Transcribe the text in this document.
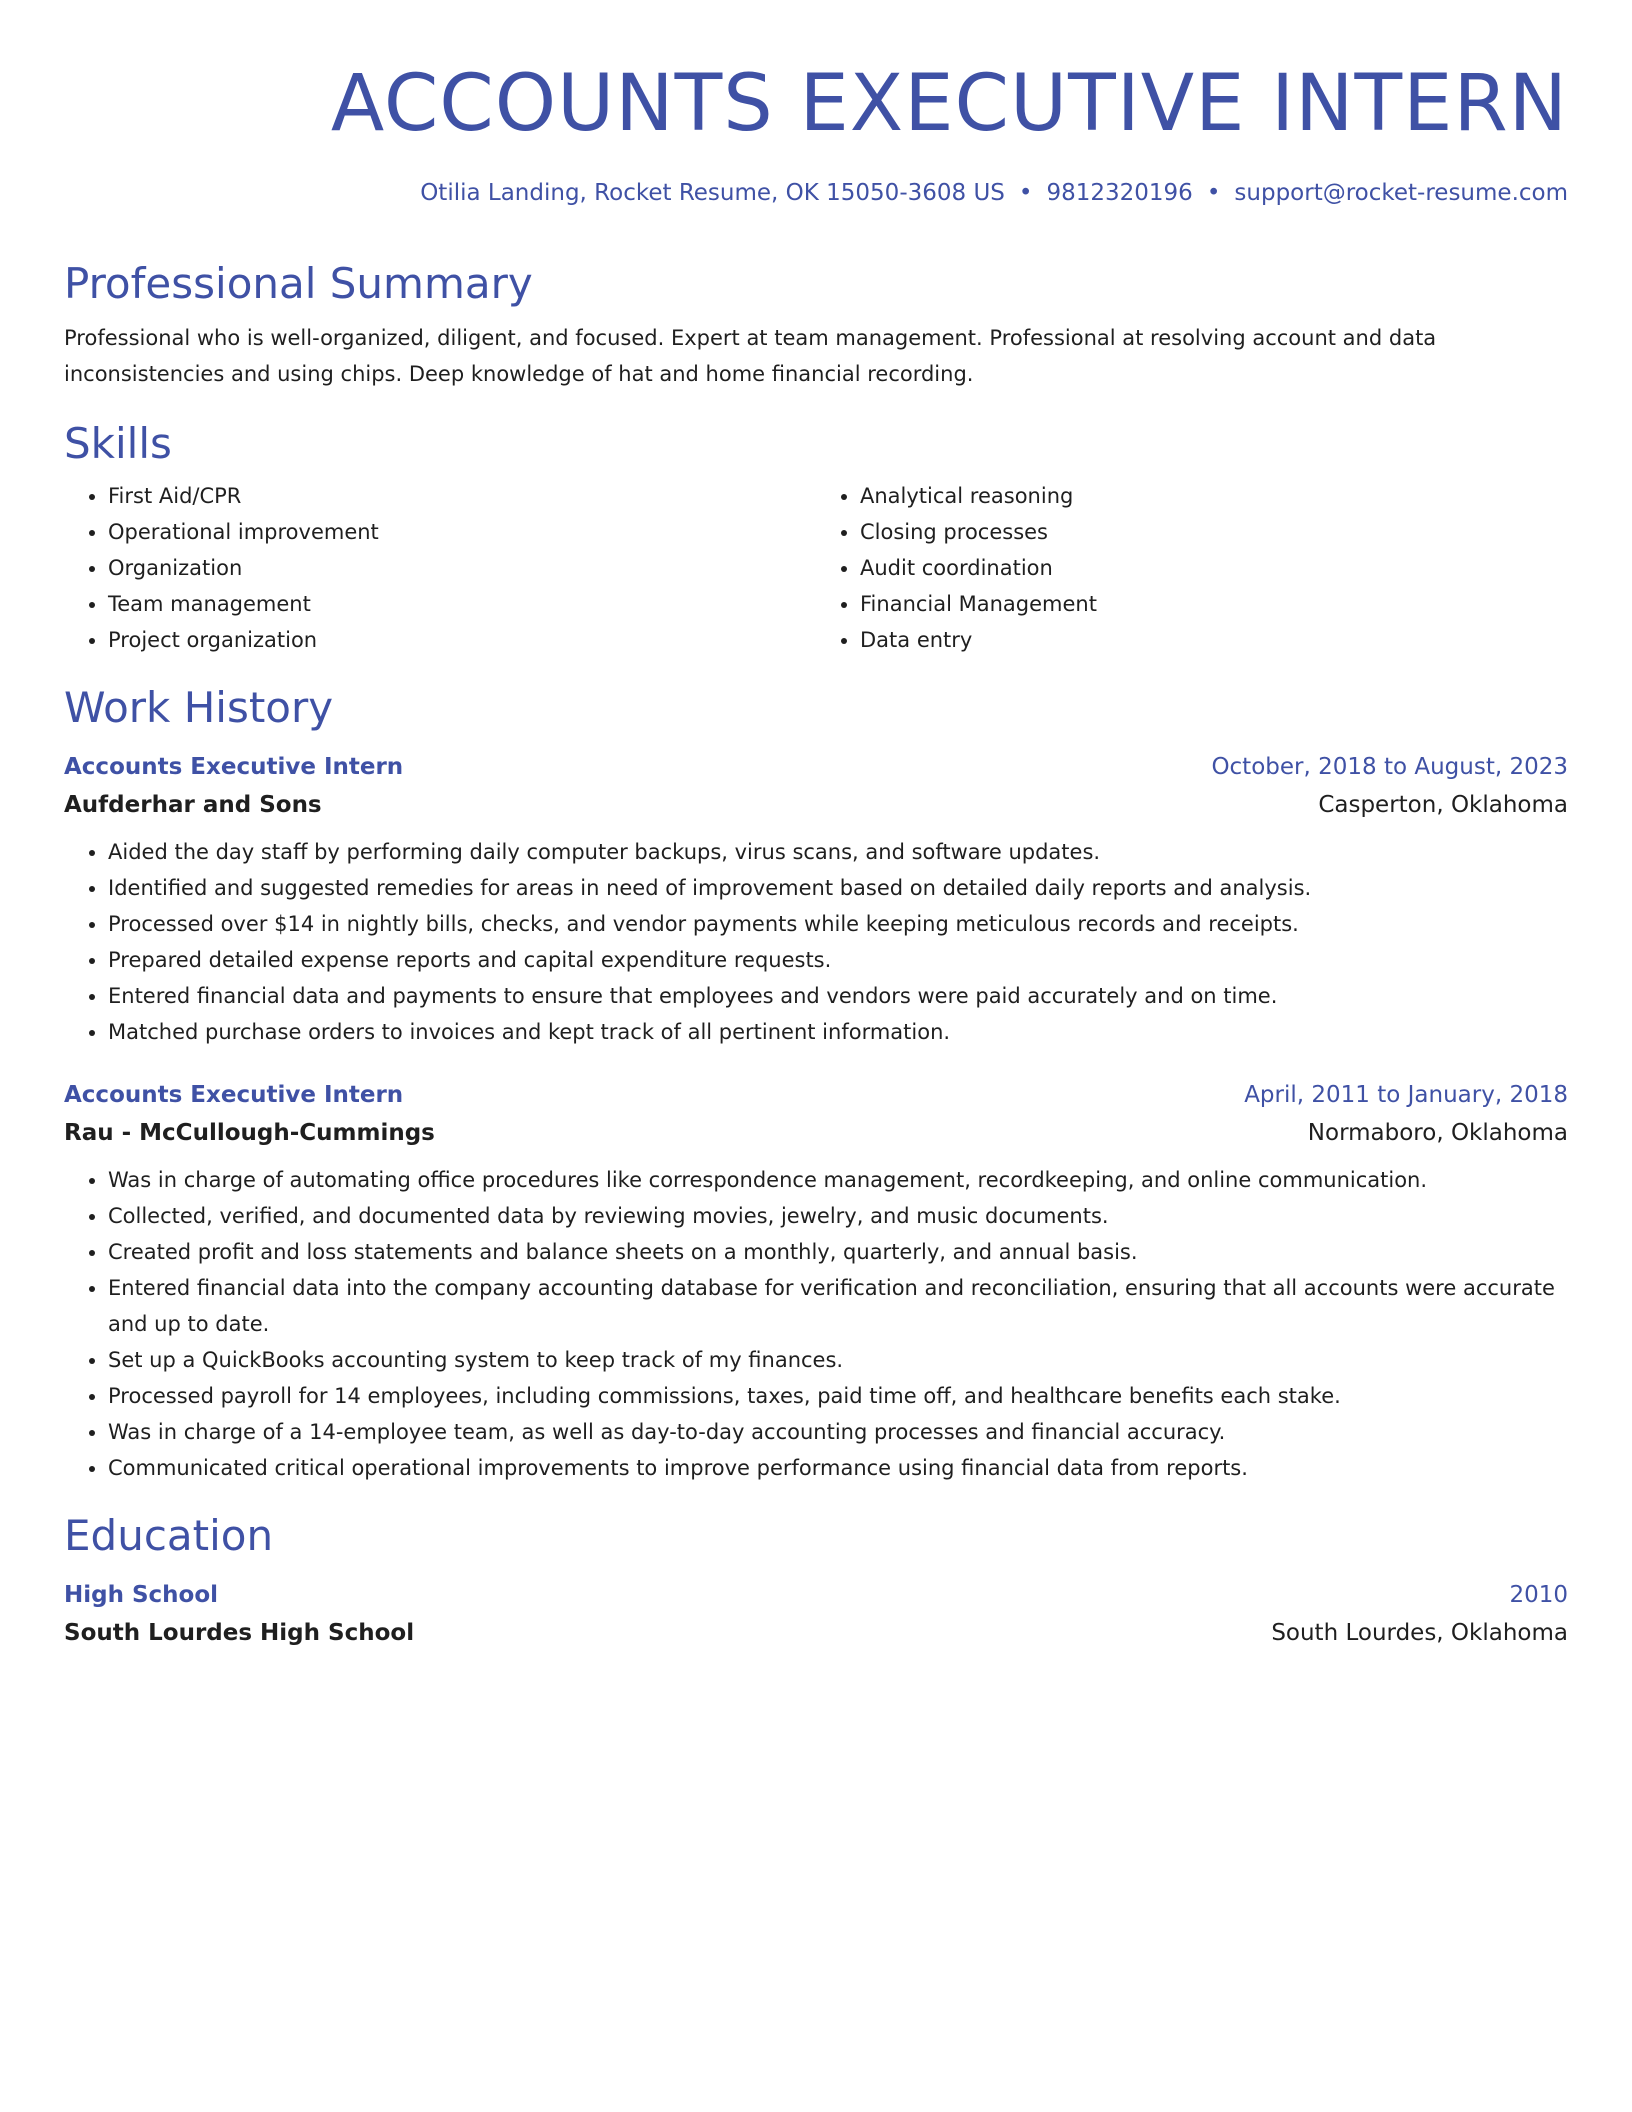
ACCOUNTS EXECUTIVE INTERN
Otilia Landing, Rocket Resume, OK 15050-3608 US • 9812320196 • support@rocket-resume.com
Professional Summary
Professional who is well-organized, diligent, and focused. Expert at team management. Professional at resolving account and data inconsistencies and using chips. Deep knowledge of hat and home financial recording.
Skills
• First Aid/CPR
• Operational improvement
• Organization
• Team management
• Project organization
• Analytical reasoning
• Closing processes
• Audit coordination
• Financial Management
• Data entry
Work History
Accounts Executive Intern	October, 2018 to August, 2023
Aufderhar and Sons	Casperton, Oklahoma
• Aided the day staff by performing daily computer backups, virus scans, and software updates.
• Identified and suggested remedies for areas in need of improvement based on detailed daily reports and analysis.
• Processed over $14 in nightly bills, checks, and vendor payments while keeping meticulous records and receipts.
• Prepared detailed expense reports and capital expenditure requests.
• Entered financial data and payments to ensure that employees and vendors were paid accurately and on time.
• Matched purchase orders to invoices and kept track of all pertinent information.
Accounts Executive Intern	April, 2011 to January, 2018
Rau - McCullough-Cummings	Normaboro, Oklahoma
• Was in charge of automating office procedures like correspondence management, recordkeeping, and online communication.
• Collected, verified, and documented data by reviewing movies, jewelry, and music documents.
• Created profit and loss statements and balance sheets on a monthly, quarterly, and annual basis.
• Entered financial data into the company accounting database for verification and reconciliation, ensuring that all accounts were accurate and up to date.
• Set up a QuickBooks accounting system to keep track of my finances.
• Processed payroll for 14 employees, including commissions, taxes, paid time off, and healthcare benefits each stake.
• Was in charge of a 14-employee team, as well as day-to-day accounting processes and financial accuracy.
• Communicated critical operational improvements to improve performance using financial data from reports.
Education
High School	2010
South Lourdes High School	South Lourdes, Oklahoma
